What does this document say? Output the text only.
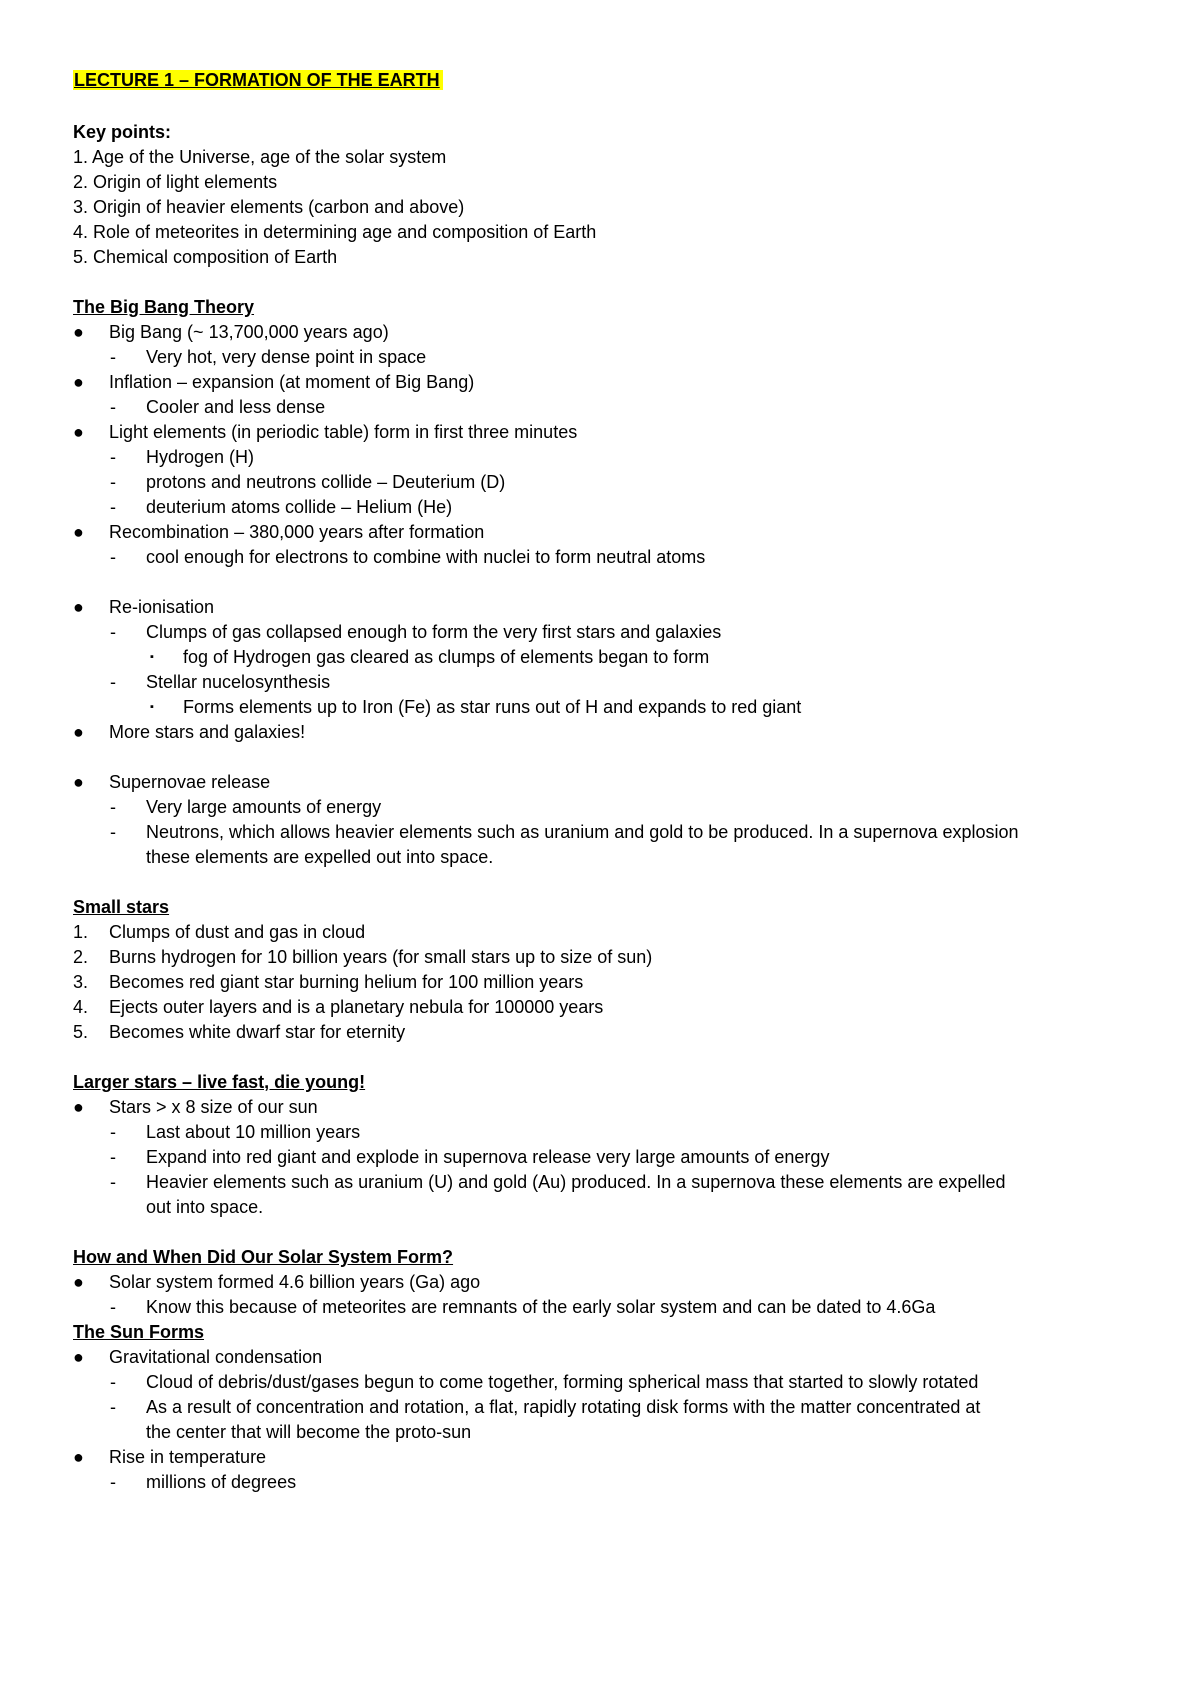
LECTURE 1 – FORMATION OF THE EARTH
Key points:
1. Age of the Universe, age of the solar system
2. Origin of light elements
3. Origin of heavier elements (carbon and above)
4. Role of meteorites in determining age and composition of Earth
5. Chemical composition of Earth
The Big Bang Theory
●	Big Bang (~ 13,700,000 years ago)
-	Very hot, very dense point in space
●	Inflation – expansion (at moment of Big Bang)
-	Cooler and less dense
●	Light elements (in periodic table) form in first three minutes
-	Hydrogen (H)
-	protons and neutrons collide – Deuterium (D)
-	deuterium atoms collide – Helium (He)
●	Recombination – 380,000 years after formation
-	cool enough for electrons to combine with nuclei to form neutral atoms
●	Re-ionisation
-	Clumps of gas collapsed enough to form the very first stars and galaxies
▪	fog of Hydrogen gas cleared as clumps of elements began to form
-	Stellar nucelosynthesis
▪	Forms elements up to Iron (Fe) as star runs out of H and expands to red giant
●	More stars and galaxies!
●	Supernovae release
-	Very large amounts of energy
-	Neutrons, which allows heavier elements such as uranium and gold to be produced. In a supernova explosion
these elements are expelled out into space.
Small stars
1. Clumps of dust and gas in cloud
2. Burns hydrogen for 10 billion years (for small stars up to size of sun)
3. Becomes red giant star burning helium for 100 million years
4. Ejects outer layers and is a planetary nebula for 100000 years
5. Becomes white dwarf star for eternity
Larger stars – live fast, die young!
●	Stars > x 8 size of our sun
-	Last about 10 million years
-	Expand into red giant and explode in supernova release very large amounts of energy
-	Heavier elements such as uranium (U) and gold (Au) produced. In a supernova these elements are expelled
out into space.
How and When Did Our Solar System Form?
●	Solar system formed 4.6 billion years (Ga) ago
-	Know this because of meteorites are remnants of the early solar system and can be dated to 4.6Ga
The Sun Forms
●	Gravitational condensation
-	Cloud of debris/dust/gases begun to come together, forming spherical mass that started to slowly rotated
-	As a result of concentration and rotation, a flat, rapidly rotating disk forms with the matter concentrated at
the center that will become the proto-sun
●	Rise in temperature
-	millions of degrees
